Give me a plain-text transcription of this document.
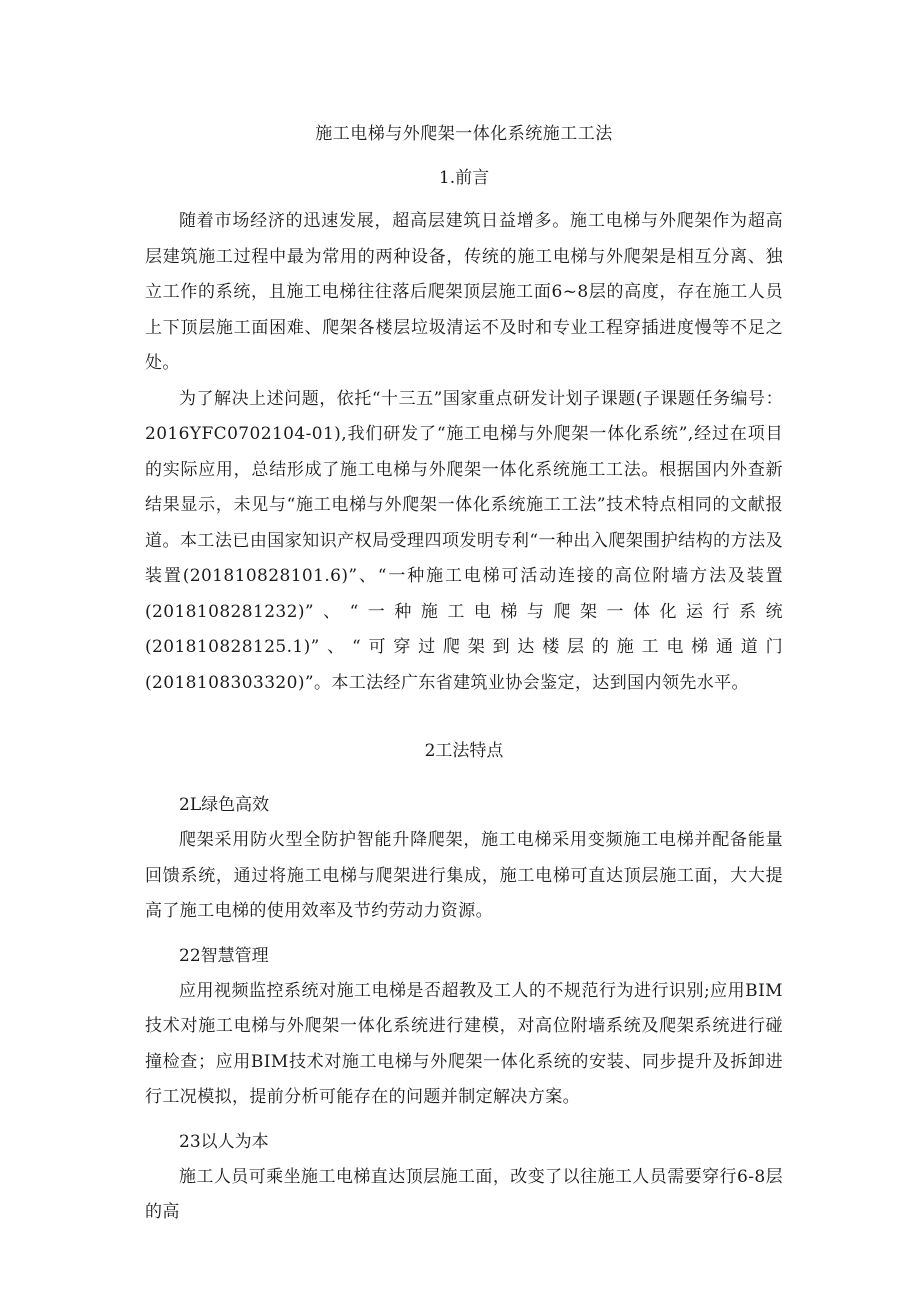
施工电梯与外爬架一体化系统施工工法
1.前言

随着市场经济的迅速发展，超高层建筑日益增多。施工电梯与外爬架作为超高层建筑施工过程中最为常用的两种设备，传统的施工电梯与外爬架是相互分离、独立工作的系统，且施工电梯往往落后爬架顶层施工面6~8层的高度，存在施工人员上下顶层施工面困难、爬架各楼层垃圾清运不及时和专业工程穿插进度慢等不足之处。

为了解决上述问题，依托“十三五”国家重点研发计划子课题(子课题任务编号：2016YFC0702104-01),我们研发了“施工电梯与外爬架一体化系统”,经过在项目的实际应用，总结形成了施工电梯与外爬架一体化系统施工工法。根据国内外查新结果显示，未见与“施工电梯与外爬架一体化系统施工工法”技术特点相同的文献报道。本工法已由国家知识产权局受理四项发明专利“一种出入爬架围护结构的方法及装置(201810828101.6)”、“一种施工电梯可活动连接的高位附墙方法及装置(2018108281232)”、“一种施工电梯与爬架一体化运行系统(201810828125.1)”、“可穿过爬架到达楼层的施工电梯通道门(2018108303320)”。本工法经广东省建筑业协会鉴定，达到国内领先水平。

2工法特点
2L绿色高效

爬架采用防火型全防护智能升降爬架，施工电梯采用变频施工电梯并配备能量回馈系统，通过将施工电梯与爬架进行集成，施工电梯可直达顶层施工面，大大提高了施工电梯的使用效率及节约劳动力资源。

22智慧管理

应用视频监控系统对施工电梯是否超教及工人的不规范行为进行识别;应用BIM技术对施工电梯与外爬架一体化系统进行建模，对高位附墙系统及爬架系统进行碰撞检查；应用BIM技术对施工电梯与外爬架一体化系统的安装、同步提升及拆卸进行工况模拟，提前分析可能存在的问题并制定解决方案。

23以人为本

施工人员可乘坐施工电梯直达顶层施工面，改变了以往施工人员需要穿行6-8层的高
